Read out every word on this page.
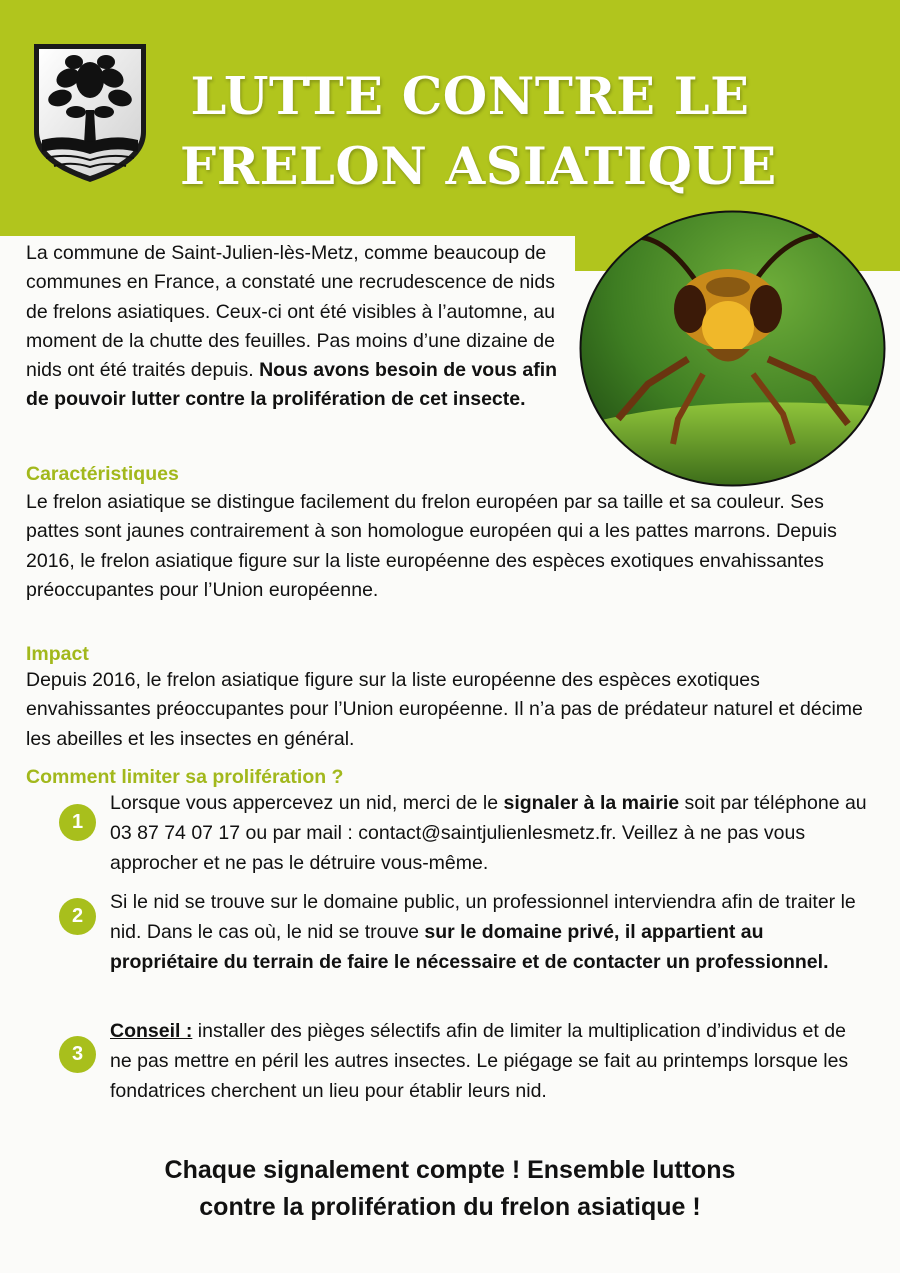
LUTTE CONTRE LE
FRELON ASIATIQUE
La commune de Saint-Julien-lès-Metz, comme beaucoup de communes en France, a constaté une recrudescence de nids de frelons asiatiques. Ceux-ci ont été visibles à l’automne, au moment de la chutte des feuilles. Pas moins d’une dizaine de nids ont été traités depuis. Nous avons besoin de vous afin de pouvoir lutter contre la prolifération de cet insecte.
Caractéristiques
Le frelon asiatique se distingue facilement du frelon européen par sa taille et sa couleur. Ses pattes sont jaunes contrairement à son homologue européen qui a les pattes marrons. Depuis 2016, le frelon asiatique figure sur la liste européenne des espèces exotiques envahissantes préoccupantes pour l’Union européenne.
Impact
Depuis 2016, le frelon asiatique figure sur la liste européenne des espèces exotiques envahissantes préoccupantes pour l’Union européenne. Il n’a pas de prédateur naturel et décime les abeilles et les insectes en général.
Comment limiter sa prolifération ?
1
Lorsque vous appercevez un nid, merci de le signaler à la mairie soit par téléphone au 03 87 74 07 17 ou par mail : contact@saintjulienlesmetz.fr. Veillez à ne pas vous approcher et ne pas le détruire vous-même.
2
Si le nid se trouve sur le domaine public, un professionnel interviendra afin de traiter le nid. Dans le cas où, le nid se trouve sur le domaine privé, il appartient au propriétaire du terrain de faire le nécessaire et de contacter un professionnel.
3
Conseil : installer des pièges sélectifs afin de limiter la multiplication d’individus et de ne pas mettre en péril les autres insectes. Le piégage se fait au printemps lorsque les fondatrices cherchent un lieu pour établir leurs nid.
Chaque signalement compte ! Ensemble luttons
contre la prolifération du frelon asiatique !
